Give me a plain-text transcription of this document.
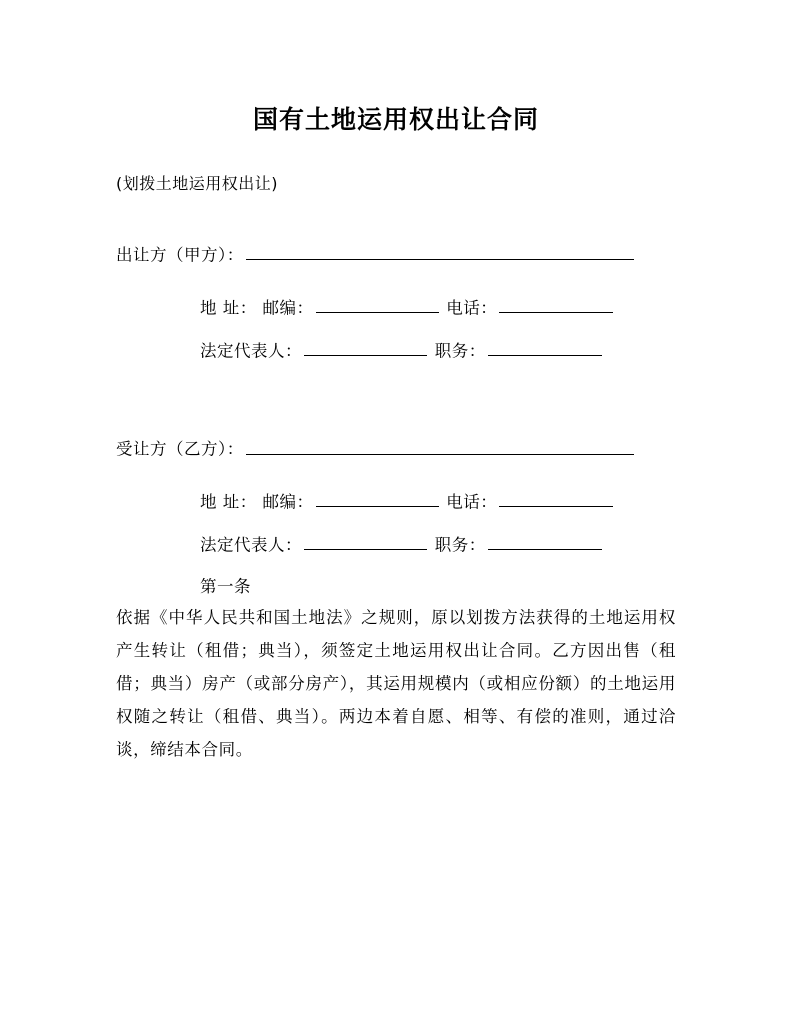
国有土地运用权出让合同
(划拨土地运用权出让)
出让方（甲方）：
地 址： 邮编：	电话：
法定代表人：	职务：
受让方（乙方）：
地 址： 邮编：	电话：
法定代表人：	职务：
第一条

依据《中华人民共和国土地法》之规则，原以划拨方法获得的土地运用权产生转让（租借；典当），须签定土地运用权出让合同。乙方因出售（租借；典当）房产（或部分房产），其运用规模内（或相应份额）的土地运用权随之转让（租借、典当）。两边本着自愿、相等、有偿的准则，通过洽谈，缔结本合同。
